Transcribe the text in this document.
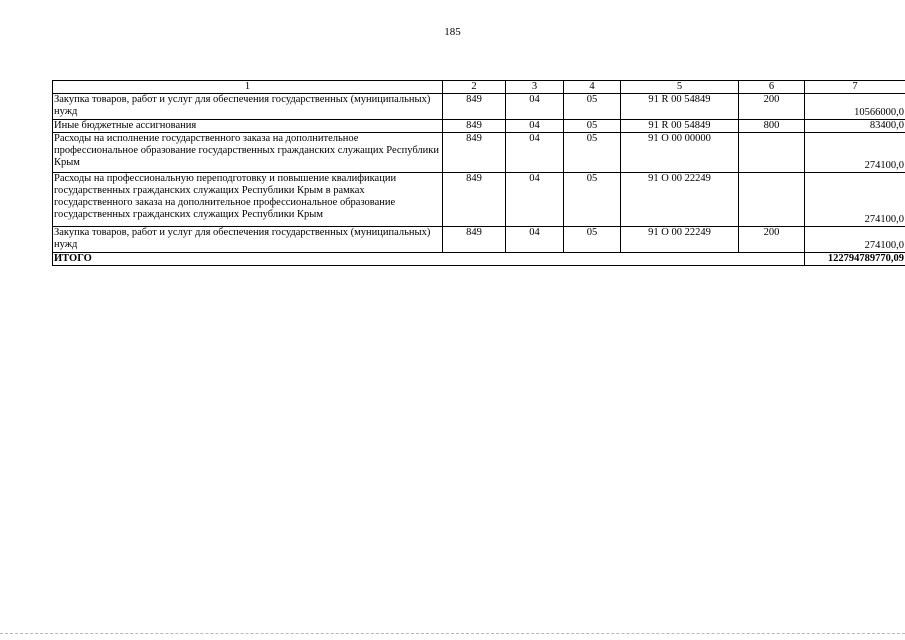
185
1	2	3	4	5	6	7
Закупка товаров, работ и услуг для обеспечения государственных (муниципальных) нужд	849	04	05	91 R 00 54849	200	10566000,0
Иные бюджетные ассигнования	849	04	05	91 R 00 54849	800	83400,0
Расходы на исполнение государственного заказа на дополнительное профессиональное образование государственных гражданских служащих Республики Крым	849	04	05	91 О 00 00000		274100,0
Расходы на профессиональную переподготовку и повышение квалификации государственных гражданских служащих Республики Крым в рамках государственного заказа на дополнительное профессиональное образование государственных гражданских служащих Республики Крым	849	04	05	91 О 00 22249		274100,0
Закупка товаров, работ и услуг для обеспечения государственных (муниципальных) нужд	849	04	05	91 О 00 22249	200	274100,0
ИТОГО						122794789770,09
